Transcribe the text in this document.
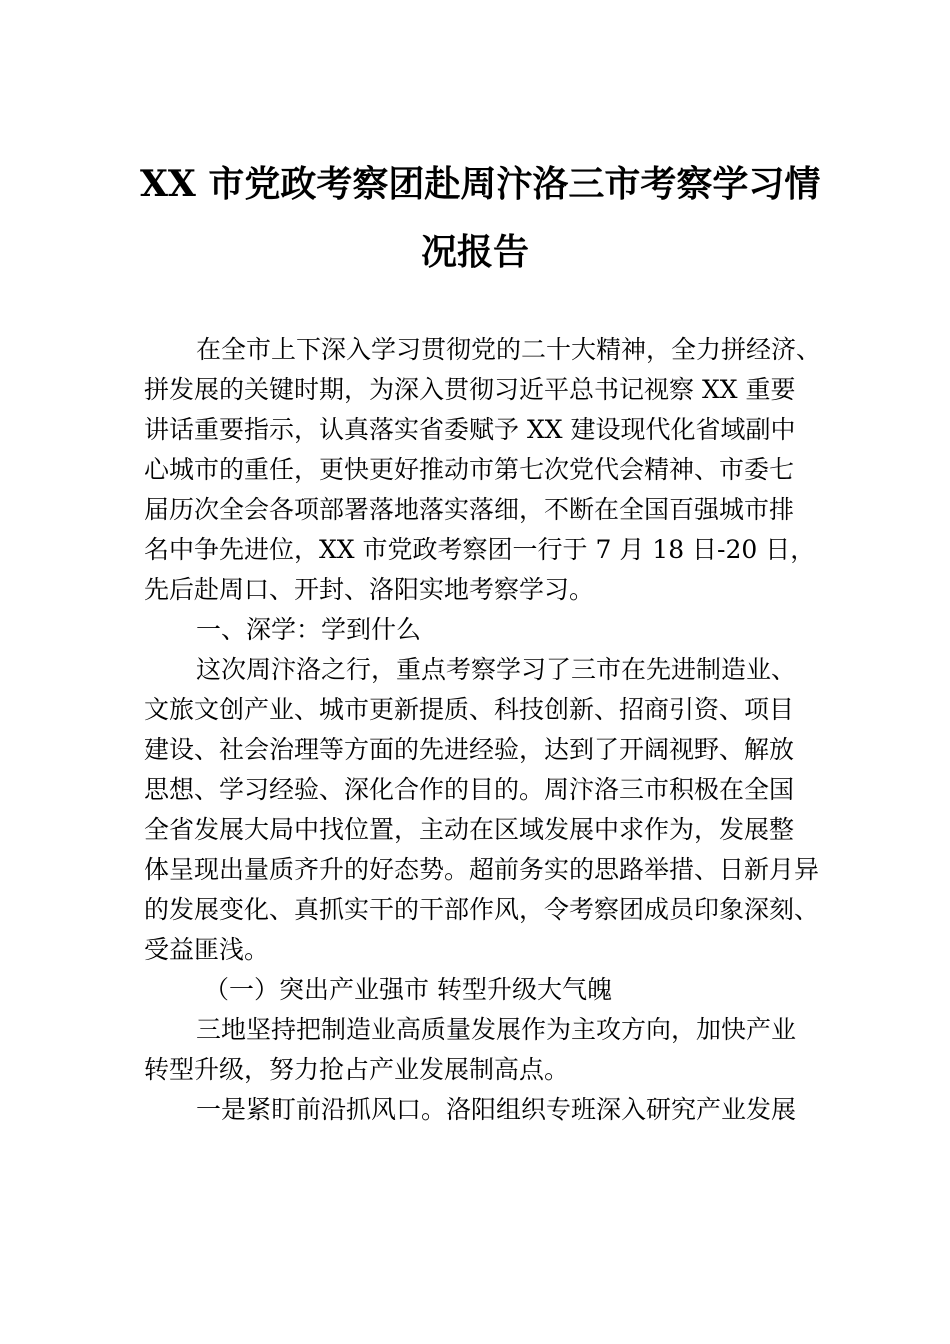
XX 市党政考察团赴周汴洛三市考察学习情
况报告
在全市上下深入学习贯彻党的二十大精神，全力拼经济、
拼发展的关键时期，为深入贯彻习近平总书记视察 XX 重要
讲话重要指示，认真落实省委赋予 XX 建设现代化省域副中
心城市的重任，更快更好推动市第七次党代会精神、市委七
届历次全会各项部署落地落实落细，不断在全国百强城市排
名中争先进位，XX 市党政考察团一行于 7 月 18 日-20 日，
先后赴周口、开封、洛阳实地考察学习。
一、深学：学到什么
这次周汴洛之行，重点考察学习了三市在先进制造业、
文旅文创产业、城市更新提质、科技创新、招商引资、项目
建设、社会治理等方面的先进经验，达到了开阔视野、解放
思想、学习经验、深化合作的目的。周汴洛三市积极在全国
全省发展大局中找位置，主动在区域发展中求作为，发展整
体呈现出量质齐升的好态势。超前务实的思路举措、日新月异
的发展变化、真抓实干的干部作风，令考察团成员印象深刻、
受益匪浅。
（一）突出产业强市 转型升级大气魄
三地坚持把制造业高质量发展作为主攻方向，加快产业
转型升级，努力抢占产业发展制高点。
一是紧盯前沿抓风口。洛阳组织专班深入研究产业发展
